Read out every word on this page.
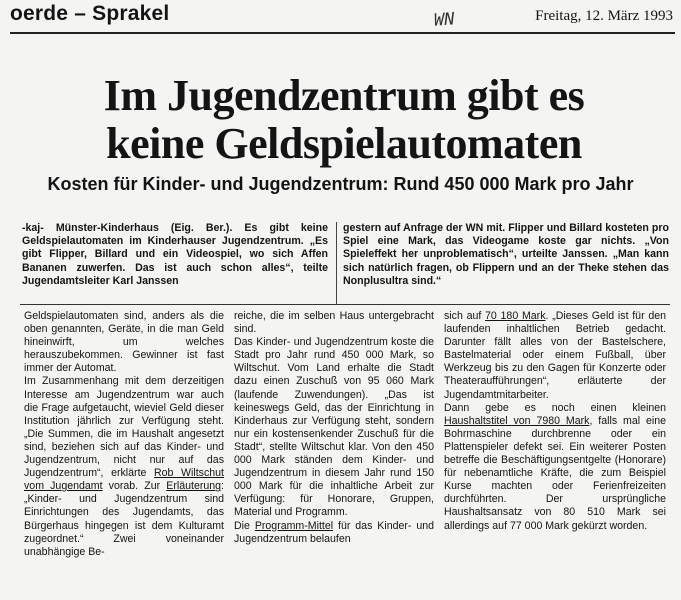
oerde – Sprakel	WN	Freitag, 12. März 1993
Im Jugendzentrum gibt es
keine Geldspielautomaten
Kosten für Kinder- und Jugendzentrum: Rund 450 000 Mark pro Jahr

-kaj- Münster-Kinderhaus (Eig. Ber.). Es gibt keine Geldspielautomaten im Kinderhauser Jugendzentrum. „Es gibt Flipper, Billard und ein Videospiel, wo sich Affen Bananen zuwerfen. Das ist auch schon alles“, teilte Jugendamtsleiter Karl Janssen

gestern auf Anfrage der WN mit. Flipper und Billard kosteten pro Spiel eine Mark, das Videogame koste gar nichts. „Von Spieleffekt her unproblematisch“, urteilte Janssen. „Man kann sich natürlich fragen, ob Flippern und an der Theke stehen das Nonplusultra sind.“

Geldspielautomaten sind, anders als die oben genannten, Geräte, in die man Geld hineinwirft, um welches herauszubekommen. Gewinner ist fast immer der Automat.

Im Zusammenhang mit dem derzeitigen Interesse am Jugendzentrum war auch die Frage aufgetaucht, wieviel Geld dieser Institution jährlich zur Verfügung steht. „Die Summen, die im Haushalt angesetzt sind, beziehen sich auf das Kinder- und Jugendzentrum, nicht nur auf das Jugendzentrum“, erklärte Rob Wiltschut vom Jugendamt vorab. Zur Erläuterung: „Kinder- und Jugendzentrum sind Einrichtungen des Jugendamts, das Bürgerhaus hingegen ist dem Kulturamt zugeordnet.“ Zwei voneinander unabhängige Be-

reiche, die im selben Haus untergebracht sind.

Das Kinder- und Jugendzentrum koste die Stadt pro Jahr rund 450 000 Mark, so Wiltschut. Vom Land erhalte die Stadt dazu einen Zuschuß von 95 060 Mark (laufende Zuwendungen). „Das ist keineswegs Geld, das der Einrichtung in Kinderhaus zur Verfügung steht, sondern nur ein kostensenkender Zuschuß für die Stadt“, stellte Wiltschut klar. Von den 450 000 Mark ständen dem Kinder- und Jugendzentrum in diesem Jahr rund 150 000 Mark für die inhaltliche Arbeit zur Verfügung: für Honorare, Gruppen, Material und Programm.

Die Programm-Mittel für das Kinder- und Jugendzentrum belaufen

sich auf 70 180 Mark. „Dieses Geld ist für den laufenden inhaltlichen Betrieb gedacht. Darunter fällt alles von der Bastelschere, Bastelmaterial oder einem Fußball, über Werkzeug bis zu den Gagen für Konzerte oder Theateraufführungen“, erläuterte der Jugendamtmitarbeiter.

Dann gebe es noch einen kleinen Haushaltstitel von 7980 Mark, falls mal eine Bohrmaschine durchbrenne oder ein Plattenspieler defekt sei. Ein weiterer Posten betreffe die Beschäftigungsentgelte (Honorare) für nebenamtliche Kräfte, die zum Beispiel Kurse machten oder Ferienfreizeiten durchführten. Der ursprüngliche Haushaltsansatz von 80 510 Mark sei allerdings auf 77 000 Mark gekürzt worden.
